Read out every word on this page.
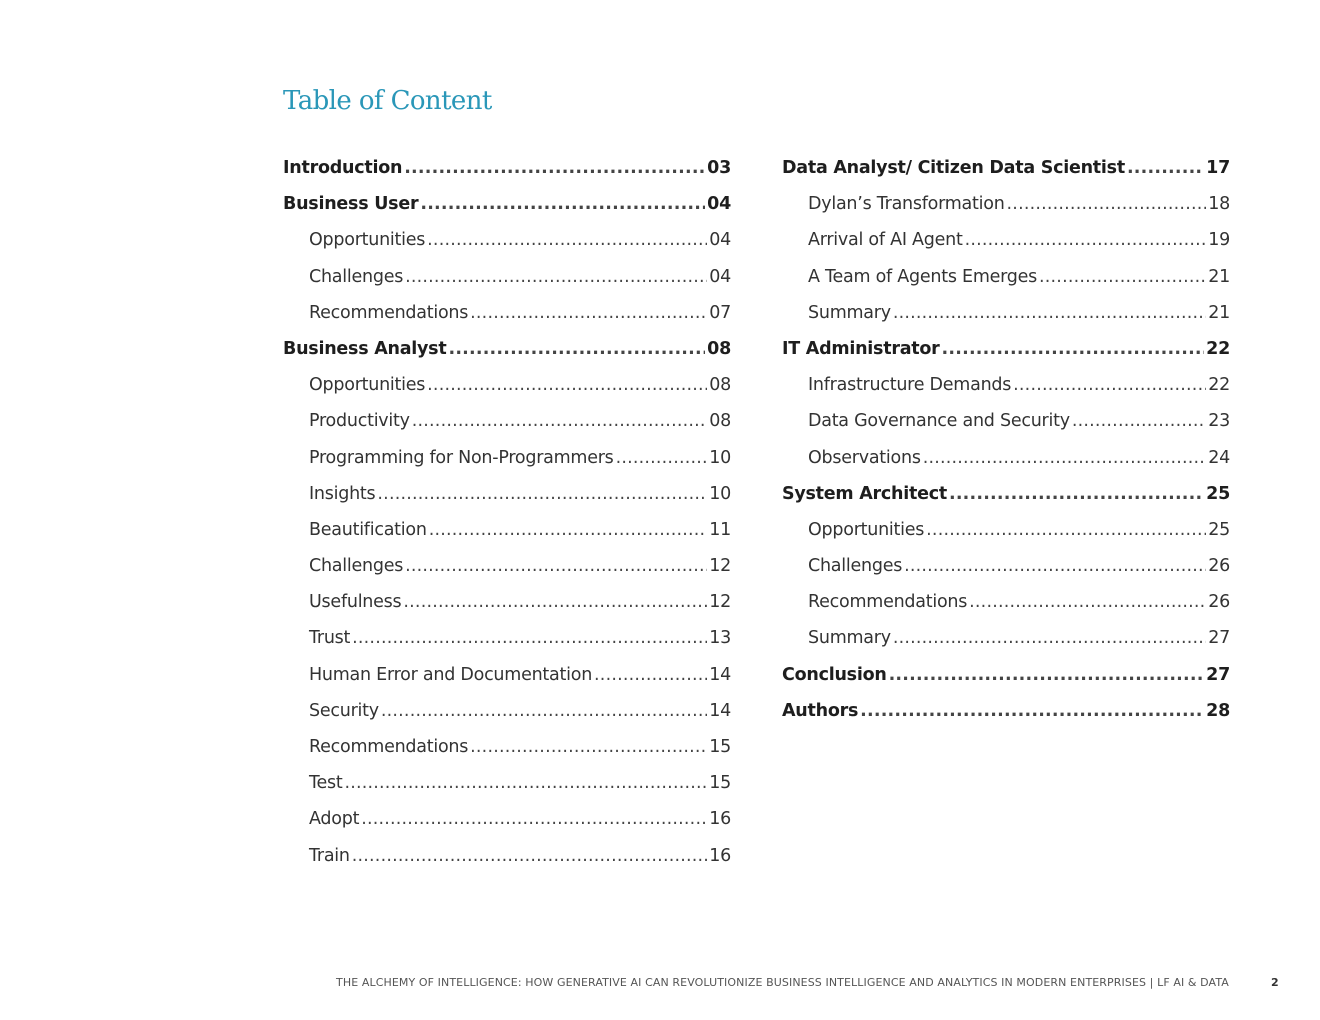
Table of Content
Introduction .....	03
Business User .....	04
Opportunities .....	04
Challenges .....	04
Recommendations .....	07
Business Analyst .....	08
Opportunities .....	08
Productivity .....	08
Programming for Non-Programmers .....	10
Insights .....	10
Beautification .....	11
Challenges .....	12
Usefulness .....	12
Trust .....	13
Human Error and Documentation .....	14
Security .....	14
Recommendations .....	15
Test .....	15
Adopt .....	16
Train .....	16
Data Analyst/ Citizen Data Scientist .....	17
Dylan’s Transformation .....	18
Arrival of AI Agent .....	19
A Team of Agents Emerges .....	21
Summary .....	21
IT Administrator .....	22
Infrastructure Demands .....	22
Data Governance and Security .....	23
Observations .....	24
System Architect .....	25
Opportunities .....	25
Challenges .....	26
Recommendations .....	26
Summary .....	27
Conclusion .....	27
Authors .....	28
THE ALCHEMY OF INTELLIGENCE: HOW GENERATIVE AI CAN REVOLUTIONIZE BUSINESS INTELLIGENCE AND ANALYTICS IN MODERN ENTERPRISES | LF AI & DATA	2
